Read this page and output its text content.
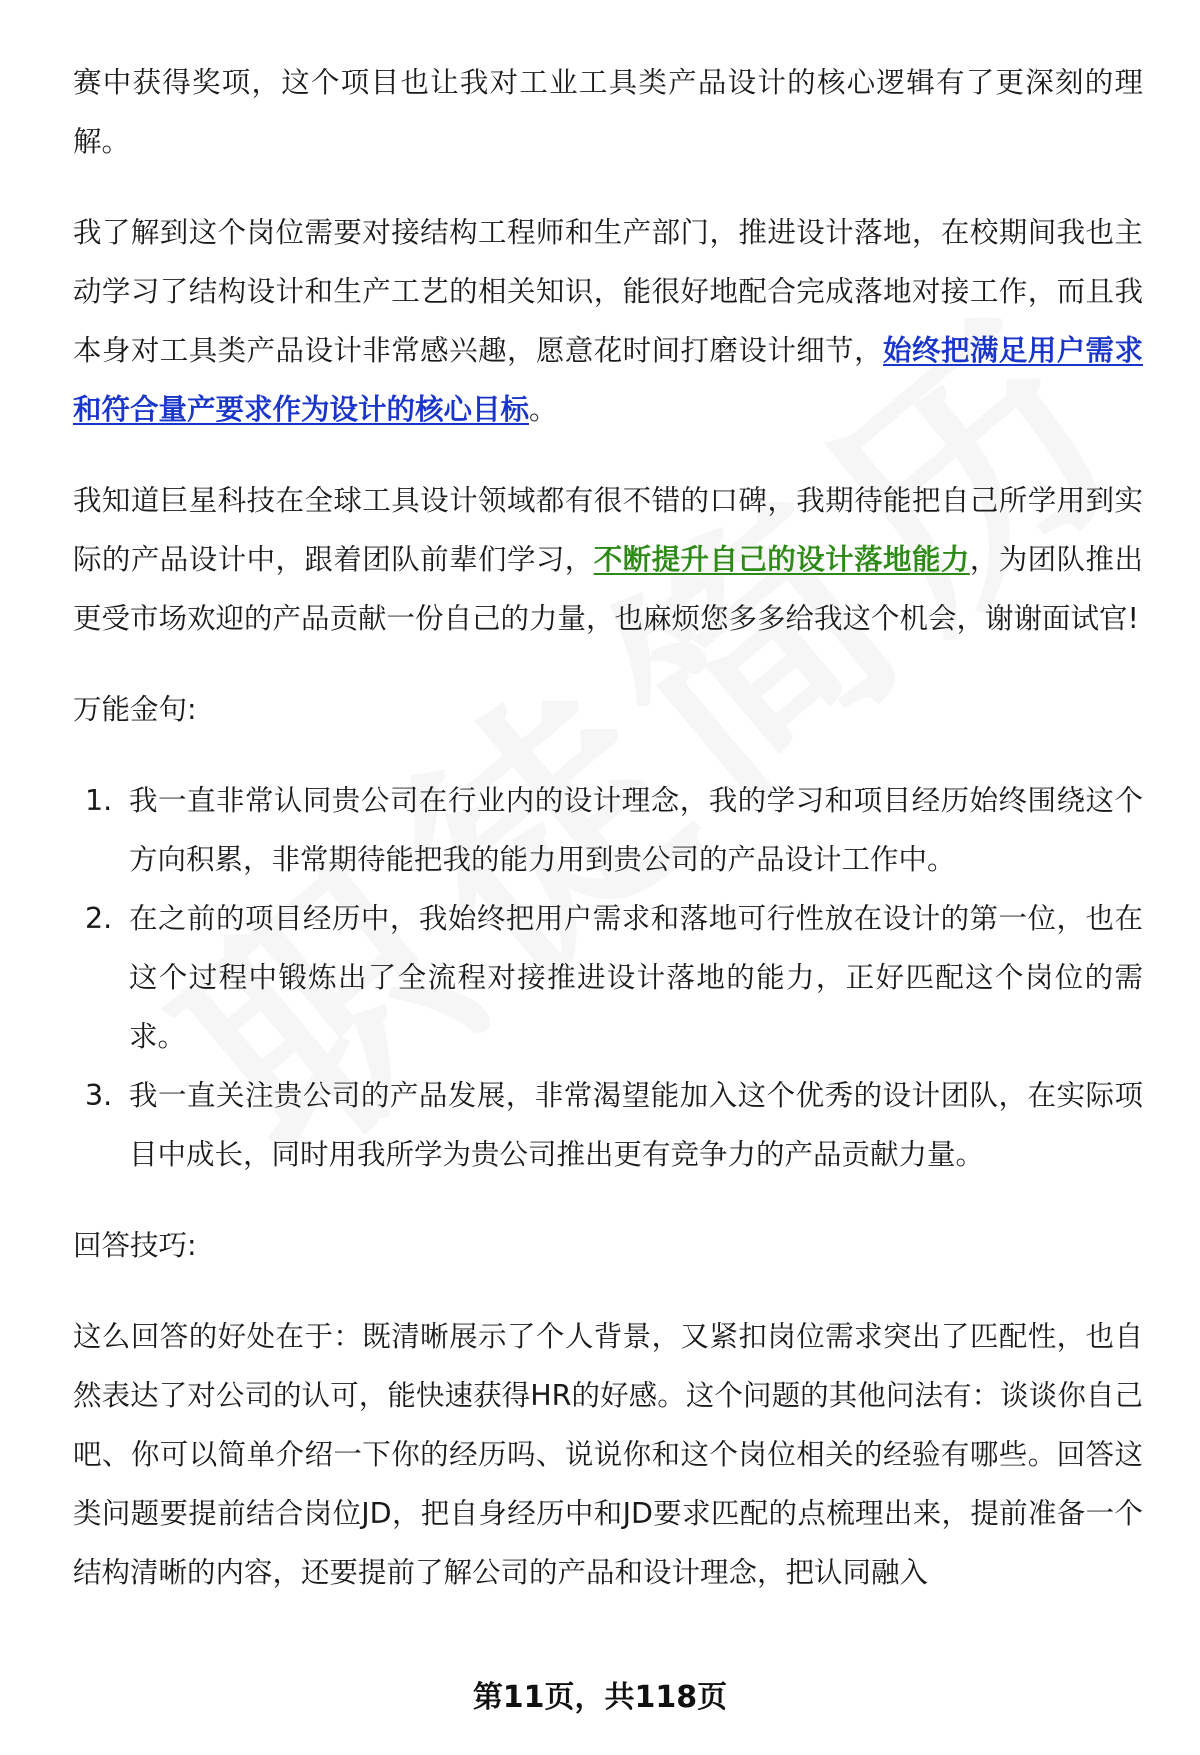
赛中获得奖项，这个项目也让我对工业工具类产品设计的核心逻辑有了更深刻的理解。

我了解到这个岗位需要对接结构工程师和生产部门，推进设计落地，在校期间我也主动学习了结构设计和生产工艺的相关知识，能很好地配合完成落地对接工作，而且我本身对工具类产品设计非常感兴趣，愿意花时间打磨设计细节，始终把满足用户需求和符合量产要求作为设计的核心目标。

我知道巨星科技在全球工具设计领域都有很不错的口碑，我期待能把自己所学用到实际的产品设计中，跟着团队前辈们学习，不断提升自己的设计落地能力，为团队推出更受市场欢迎的产品贡献一份自己的力量，也麻烦您多多给我这个机会，谢谢面试官!

万能金句:
1. 我一直非常认同贵公司在行业内的设计理念，我的学习和项目经历始终围绕这个方向积累，非常期待能把我的能力用到贵公司的产品设计工作中。
2. 在之前的项目经历中，我始终把用户需求和落地可行性放在设计的第一位，也在这个过程中锻炼出了全流程对接推进设计落地的能力，正好匹配这个岗位的需求。
3. 我一直关注贵公司的产品发展，非常渴望能加入这个优秀的设计团队，在实际项目中成长，同时用我所学为贵公司推出更有竞争力的产品贡献力量。
回答技巧:

这么回答的好处在于：既清晰展示了个人背景，又紧扣岗位需求突出了匹配性，也自然表达了对公司的认可，能快速获得HR的好感。这个问题的其他问法有：谈谈你自己吧、你可以简单介绍一下你的经历吗、说说你和这个岗位相关的经验有哪些。回答这类问题要提前结合岗位JD，把自身经历中和JD要求匹配的点梳理出来，提前准备一个结构清晰的内容，还要提前了解公司的产品和设计理念，把认同融入

第11页，共118页
